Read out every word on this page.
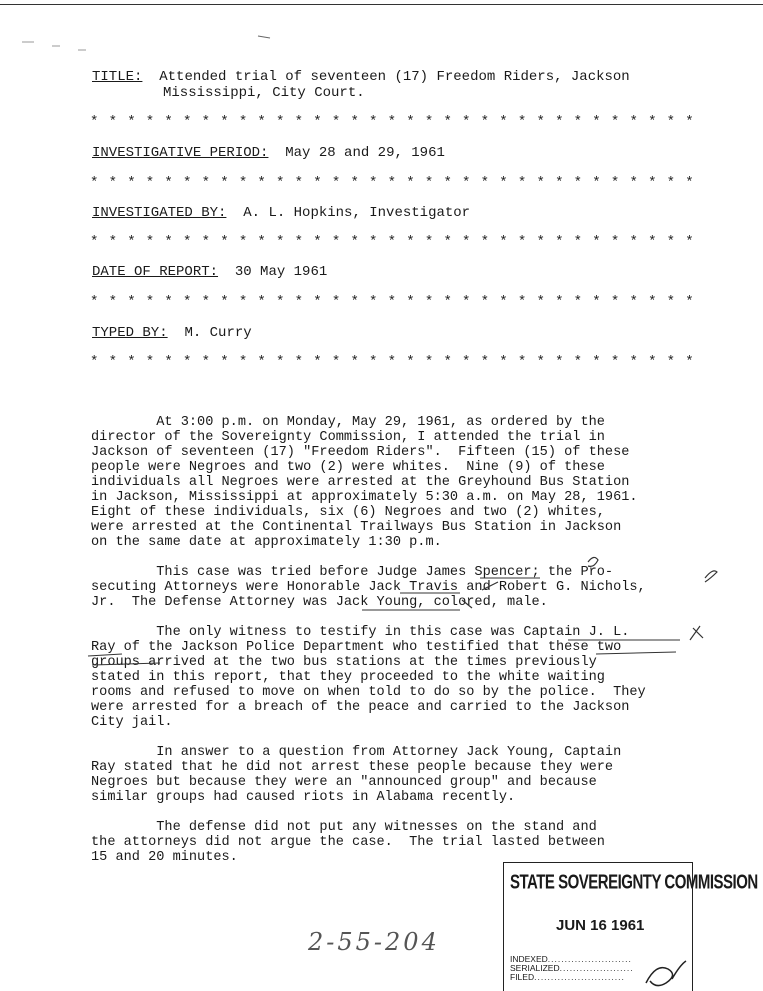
TITLE: Attended trial of seventeen (17) Freedom Riders, Jackson
Mississippi, City Court.
* * * * * * * * * * * * * * * * * * * * * * * * * * * * * * * * *
INVESTIGATIVE PERIOD: May 28 and 29, 1961
* * * * * * * * * * * * * * * * * * * * * * * * * * * * * * * * *
INVESTIGATED BY: A. L. Hopkins, Investigator
* * * * * * * * * * * * * * * * * * * * * * * * * * * * * * * * *
DATE OF REPORT: 30 May 1961
* * * * * * * * * * * * * * * * * * * * * * * * * * * * * * * * *
TYPED BY: M. Curry
* * * * * * * * * * * * * * * * * * * * * * * * * * * * * * * * *

At 3:00 p.m. on Monday, May 29, 1961, as ordered by the
director of the Sovereignty Commission, I attended the trial in
Jackson of seventeen (17) "Freedom Riders".  Fifteen (15) of these
people were Negroes and two (2) were whites.  Nine (9) of these
individuals all Negroes were arrested at the Greyhound Bus Station
in Jackson, Mississippi at approximately 5:30 a.m. on May 28, 1961.
Eight of these individuals, six (6) Negroes and two (2) whites,
were arrested at the Continental Trailways Bus Station in Jackson
on the same date at approximately 1:30 p.m.

This case was tried before Judge James Spencer; the Pro-
secuting Attorneys were Honorable Jack Travis and Robert G. Nichols,
Jr.  The Defense Attorney was Jack Young, colored, male.

The only witness to testify in this case was Captain J. L.
Ray of the Jackson Police Department who testified that these two
groups arrived at the two bus stations at the times previously
stated in this report, that they proceeded to the white waiting
rooms and refused to move on when told to do so by the police.  They
were arrested for a breach of the peace and carried to the Jackson
City jail.

In answer to a question from Attorney Jack Young, Captain
Ray stated that he did not arrest these people because they were
Negroes but because they were an "announced group" and because
similar groups had caused riots in Alabama recently.

The defense did not put any witnesses on the stand and
the attorneys did not argue the case.  The trial lasted between
15 and 20 minutes.

2-55-204
STATE SOVEREIGNTY COMMISSION
JUN 16 1961
INDEXED.........................
SERIALIZED......................
FILED...........................
